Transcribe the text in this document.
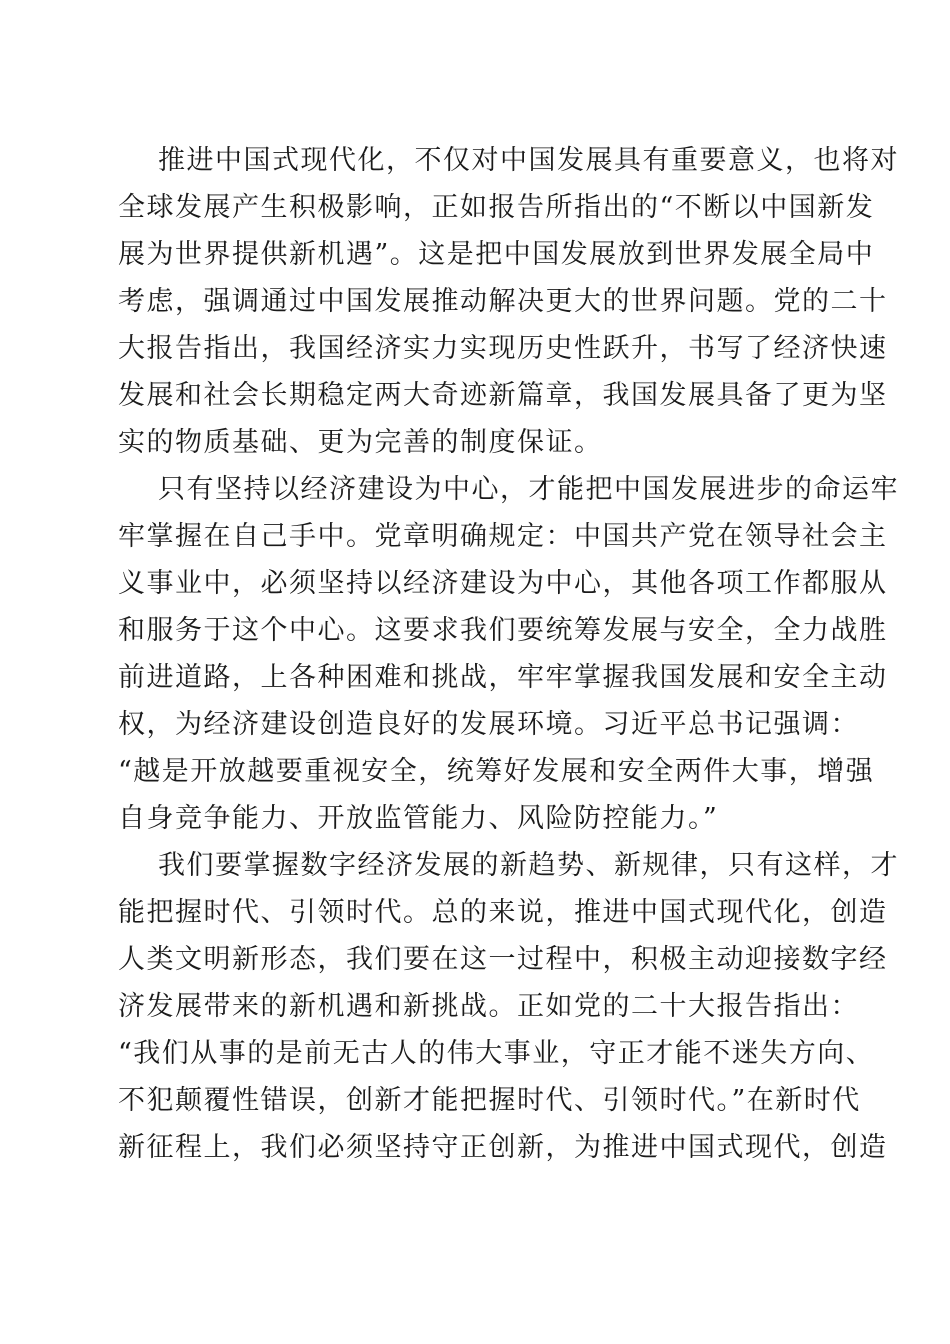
推进中国式现代化，不仅对中国发展具有重要意义，也将对
全球发展产生积极影响，正如报告所指出的“不断以中国新发
展为世界提供新机遇”。这是把中国发展放到世界发展全局中
考虑，强调通过中国发展推动解决更大的世界问题。党的二十
大报告指出，我国经济实力实现历史性跃升，书写了经济快速
发展和社会长期稳定两大奇迹新篇章，我国发展具备了更为坚
实的物质基础、更为完善的制度保证。
只有坚持以经济建设为中心，才能把中国发展进步的命运牢
牢掌握在自己手中。党章明确规定：中国共产党在领导社会主
义事业中，必须坚持以经济建设为中心，其他各项工作都服从
和服务于这个中心。这要求我们要统筹发展与安全，全力战胜
前进道路，上各种困难和挑战，牢牢掌握我国发展和安全主动
权，为经济建设创造良好的发展环境。习近平总书记强调：
“越是开放越要重视安全，统筹好发展和安全两件大事，增强
自身竞争能力、开放监管能力、风险防控能力。”
我们要掌握数字经济发展的新趋势、新规律，只有这样，才
能把握时代、引领时代。总的来说，推进中国式现代化，创造
人类文明新形态，我们要在这一过程中，积极主动迎接数字经
济发展带来的新机遇和新挑战。正如党的二十大报告指出：
“我们从事的是前无古人的伟大事业，守正才能不迷失方向、
不犯颠覆性错误，创新才能把握时代、引领时代。”在新时代
新征程上，我们必须坚持守正创新，为推进中国式现代，创造
